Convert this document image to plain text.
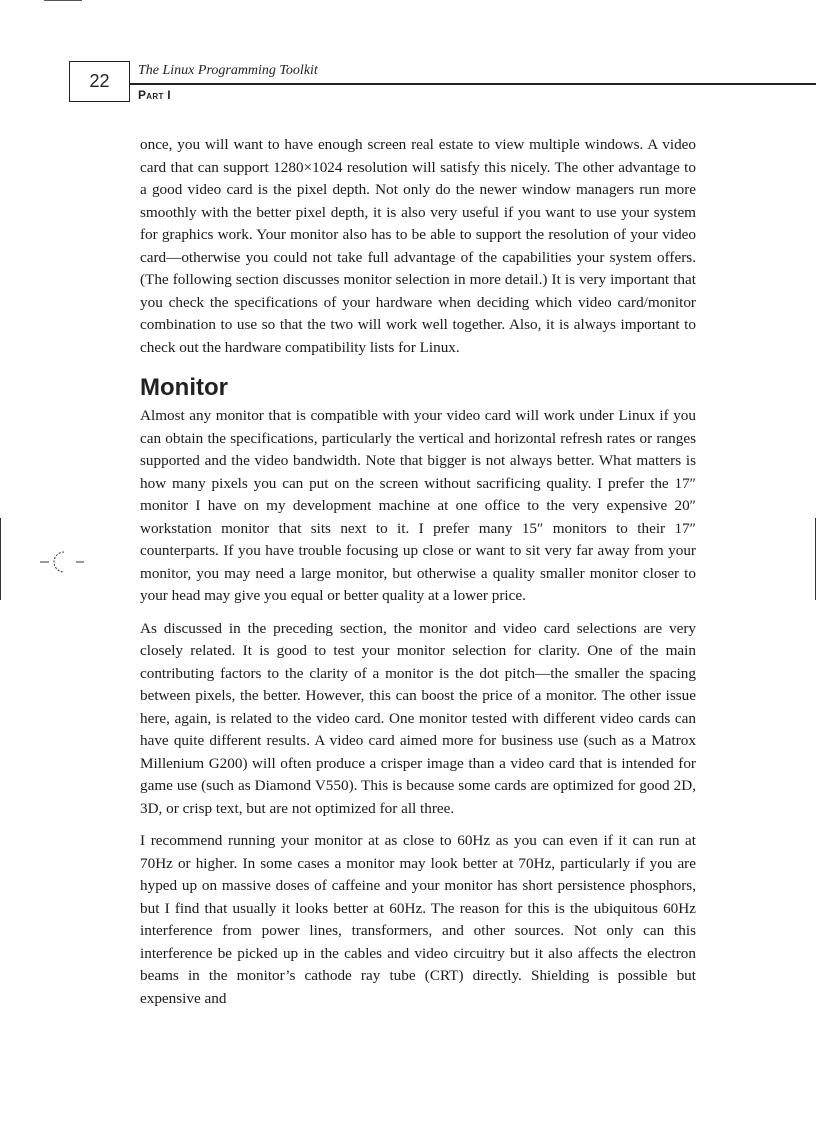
22
The Linux Programming Toolkit
Part I

once, you will want to have enough screen real estate to view multiple windows. A video card that can support 1280×1024 resolution will satisfy this nicely. The other advantage to a good video card is the pixel depth. Not only do the newer window managers run more smoothly with the better pixel depth, it is also very useful if you want to use your system for graphics work. Your monitor also has to be able to support the resolution of your video card—otherwise you could not take full advantage of the capabilities your system offers. (The following section discusses monitor selection in more detail.) It is very important that you check the specifications of your hardware when deciding which video card/monitor combination to use so that the two will work well together. Also, it is always important to check out the hardware compatibility lists for Linux.

Monitor

Almost any monitor that is compatible with your video card will work under Linux if you can obtain the specifications, particularly the vertical and horizontal refresh rates or ranges supported and the video bandwidth. Note that bigger is not always better. What matters is how many pixels you can put on the screen without sacrificing quality. I prefer the 17″ monitor I have on my development machine at one office to the very expensive 20″ workstation monitor that sits next to it. I prefer many 15″ monitors to their 17″ counterparts. If you have trouble focusing up close or want to sit very far away from your monitor, you may need a large monitor, but otherwise a quality smaller monitor closer to your head may give you equal or better quality at a lower price.

As discussed in the preceding section, the monitor and video card selections are very closely related. It is good to test your monitor selection for clarity. One of the main contributing factors to the clarity of a monitor is the dot pitch—the smaller the spacing between pixels, the better. However, this can boost the price of a monitor. The other issue here, again, is related to the video card. One monitor tested with different video cards can have quite different results. A video card aimed more for business use (such as a Matrox Millenium G200) will often produce a crisper image than a video card that is intended for game use (such as Diamond V550). This is because some cards are optimized for good 2D, 3D, or crisp text, but are not optimized for all three.

I recommend running your monitor at as close to 60Hz as you can even if it can run at 70Hz or higher. In some cases a monitor may look better at 70Hz, particularly if you are hyped up on massive doses of caffeine and your monitor has short persistence phosphors, but I find that usually it looks better at 60Hz. The reason for this is the ubiquitous 60Hz interference from power lines, transformers, and other sources. Not only can this interference be picked up in the cables and video circuitry but it also affects the electron beams in the monitor’s cathode ray tube (CRT) directly. Shielding is possible but expensive and
